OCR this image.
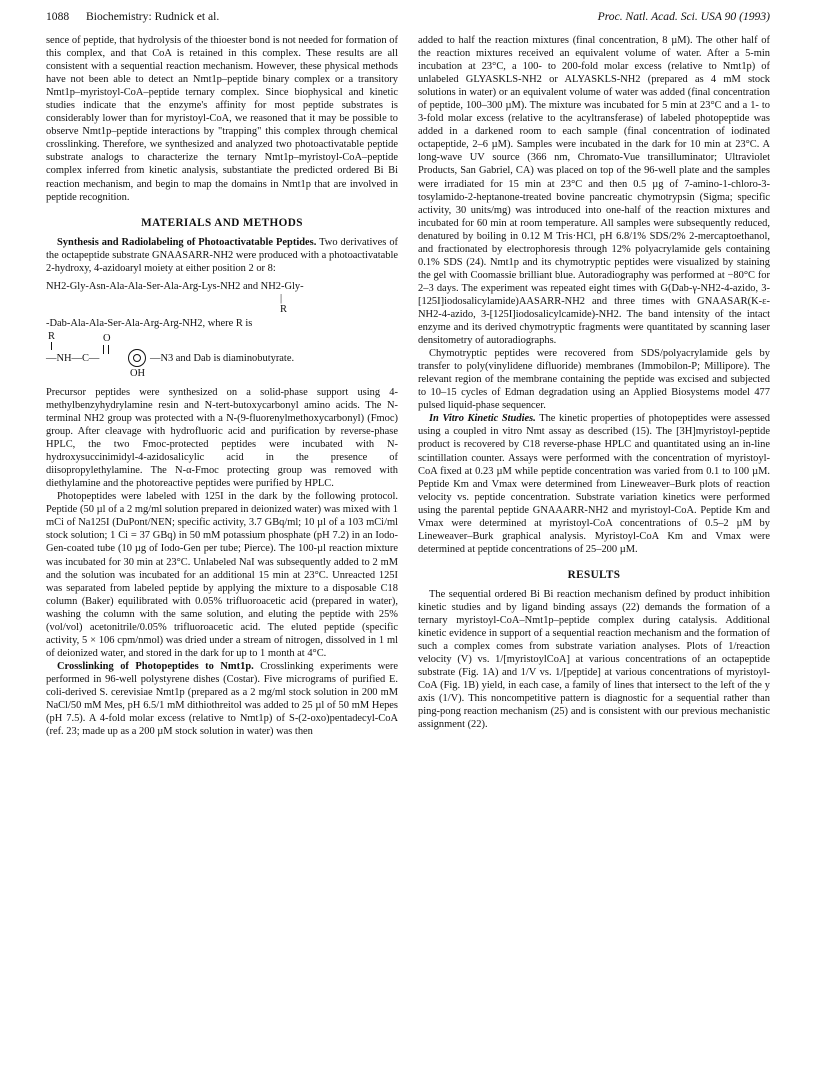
1088 Biochemistry: Rudnick et al.	Proc. Natl. Acad. Sci. USA 90 (1993)

sence of peptide, that hydrolysis of the thioester bond is not needed for formation of this complex, and that CoA is retained in this complex. These results are all consistent with a sequential reaction mechanism. However, these physical methods have not been able to detect an Nmt1p–peptide binary complex or a transitory Nmt1p–myristoyl-CoA–peptide ternary complex. Since biophysical and kinetic studies indicate that the enzyme's affinity for most peptide substrates is considerably lower than for myristoyl-CoA, we reasoned that it may be possible to observe Nmt1p–peptide interactions by "trapping" this complex through chemical crosslinking. Therefore, we synthesized and analyzed two photoactivatable peptide substrate analogs to characterize the ternary Nmt1p–myristoyl-CoA–peptide complex inferred from kinetic analysis, substantiate the predicted ordered Bi Bi reaction mechanism, and begin to map the domains in Nmt1p that are involved in peptide recognition.

MATERIALS AND METHODS

Synthesis and Radiolabeling of Photoactivatable Peptides. Two derivatives of the octapeptide substrate GNAASARR-NH2 were produced with a photoactivatable 2-hydroxy, 4-azidoaryl moiety at either position 2 or 8:

NH2-Gly-Asn-Ala-Ala-Ser-Ala-Arg-Lys-NH2 and NH2-Gly-
|
R
-Dab-Ala-Ala-Ser-Ala-Arg-Arg-NH2, where R is
R	O
—NH—C—
OH
—N3 and Dab is diaminobutyrate.

Precursor peptides were synthesized on a solid-phase support using 4-methylbenzyhydrylamine resin and N-tert-butoxycarbonyl amino acids. The N-terminal NH2 group was protected with a N-(9-fluorenylmethoxycarbonyl) (Fmoc) group. After cleavage with hydrofluoric acid and purification by reverse-phase HPLC, the two Fmoc-protected peptides were incubated with N-hydroxysuccinimidyl-4-azidosalicylic acid in the presence of diisopropylethylamine. The N-α-Fmoc protecting group was removed with diethylamine and the photoreactive peptides were purified by HPLC.

Photopeptides were labeled with 125I in the dark by the following protocol. Peptide (50 µl of a 2 mg/ml solution prepared in deionized water) was mixed with 1 mCi of Na125I (DuPont/NEN; specific activity, 3.7 GBq/ml; 10 µl of a 103 mCi/ml stock solution; 1 Ci = 37 GBq) in 50 mM potassium phosphate (pH 7.2) in an Iodo-Gen-coated tube (10 µg of Iodo-Gen per tube; Pierce). The 100-µl reaction mixture was incubated for 30 min at 23°C. Unlabeled NaI was subsequently added to 2 mM and the solution was incubated for an additional 15 min at 23°C. Unreacted 125I was separated from labeled peptide by applying the mixture to a disposable C18 column (Baker) equilibrated with 0.05% trifluoroacetic acid (prepared in water), washing the column with the same solution, and eluting the peptide with 25% (vol/vol) acetonitrile/0.05% trifluoroacetic acid. The eluted peptide (specific activity, 5 × 106 cpm/nmol) was dried under a stream of nitrogen, dissolved in 1 ml of deionized water, and stored in the dark for up to 1 month at 4°C.

Crosslinking of Photopeptides to Nmt1p. Crosslinking experiments were performed in 96-well polystyrene dishes (Costar). Five micrograms of purified E. coli-derived S. cerevisiae Nmt1p (prepared as a 2 mg/ml stock solution in 200 mM NaCl/50 mM Mes, pH 6.5/1 mM dithiothreitol was added to 25 µl of 50 mM Hepes (pH 7.5). A 4-fold molar excess (relative to Nmt1p) of S-(2-oxo)pentadecyl-CoA (ref. 23; made up as a 200 µM stock solution in water) was then

added to half the reaction mixtures (final concentration, 8 µM). The other half of the reaction mixtures received an equivalent volume of water. After a 5-min incubation at 23°C, a 100- to 200-fold molar excess (relative to Nmt1p) of unlabeled GLYASKLS-NH2 or ALYASKLS-NH2 (prepared as 4 mM stock solutions in water) or an equivalent volume of water was added (final concentration of peptide, 100–300 µM). The mixture was incubated for 5 min at 23°C and a 1- to 3-fold molar excess (relative to the acyltransferase) of labeled photopeptide was added in a darkened room to each sample (final concentration of iodinated octapeptide, 2–6 µM). Samples were incubated in the dark for 10 min at 23°C. A long-wave UV source (366 nm, Chromato-Vue transilluminator; Ultraviolet Products, San Gabriel, CA) was placed on top of the 96-well plate and the samples were irradiated for 15 min at 23°C and then 0.5 µg of 7-amino-1-chloro-3-tosylamido-2-heptanone-treated bovine pancreatic chymotrypsin (Sigma; specific activity, 30 units/mg) was introduced into one-half of the reaction mixtures and incubated for 60 min at room temperature. All samples were subsequently reduced, denatured by boiling in 0.12 M Tris·HCl, pH 6.8/1% SDS/2% 2-mercaptoethanol, and fractionated by electrophoresis through 12% polyacrylamide gels containing 0.1% SDS (24). Nmt1p and its chymotryptic peptides were visualized by staining the gel with Coomassie brilliant blue. Autoradiography was performed at −80°C for 2–3 days. The experiment was repeated eight times with G(Dab-γ-NH2-4-azido, 3-[125I]iodosalicylamide)AASARR-NH2 and three times with GNAASAR(K-ε-NH2-4-azido, 3-[125I]iodosalicylcamide)-NH2. The band intensity of the intact enzyme and its derived chymotryptic fragments were quantitated by scanning laser densitometry of autoradiographs.

Chymotryptic peptides were recovered from SDS/polyacrylamide gels by transfer to poly(vinylidene difluoride) membranes (Immobilon-P; Millipore). The relevant region of the membrane containing the peptide was excised and subjected to 10–15 cycles of Edman degradation using an Applied Biosystems model 477 pulsed liquid-phase sequencer.

In Vitro Kinetic Studies. The kinetic properties of photopeptides were assessed using a coupled in vitro Nmt assay as described (15). The [3H]myristoyl-peptide product is recovered by C18 reverse-phase HPLC and quantitated using an in-line scintillation counter. Assays were performed with the concentration of myristoyl-CoA fixed at 0.23 µM while peptide concentration was varied from 0.1 to 100 µM. Peptide Km and Vmax were determined from Lineweaver–Burk plots of reaction velocity vs. peptide concentration. Substrate variation kinetics were performed using the parental peptide GNAAARR-NH2 and myristoyl-CoA. Peptide Km and Vmax were determined at myristoyl-CoA concentrations of 0.5–2 µM by Lineweaver–Burk graphical analysis. Myristoyl-CoA Km and Vmax were determined at peptide concentrations of 25–200 µM.

RESULTS

The sequential ordered Bi Bi reaction mechanism defined by product inhibition kinetic studies and by ligand binding assays (22) demands the formation of a ternary myristoyl-CoA–Nmt1p–peptide complex during catalysis. Additional kinetic evidence in support of a sequential reaction mechanism and the formation of such a complex comes from substrate variation analyses. Plots of 1/reaction velocity (V) vs. 1/[myristoylCoA] at various concentrations of an octapeptide substrate (Fig. 1A) and 1/V vs. 1/[peptide] at various concentrations of myristoyl-CoA (Fig. 1B) yield, in each case, a family of lines that intersect to the left of the y axis (1/V). This noncompetitive pattern is diagnostic for a sequential rather than ping-pong reaction mechanism (25) and is consistent with our previous mechanistic assignment (22).
